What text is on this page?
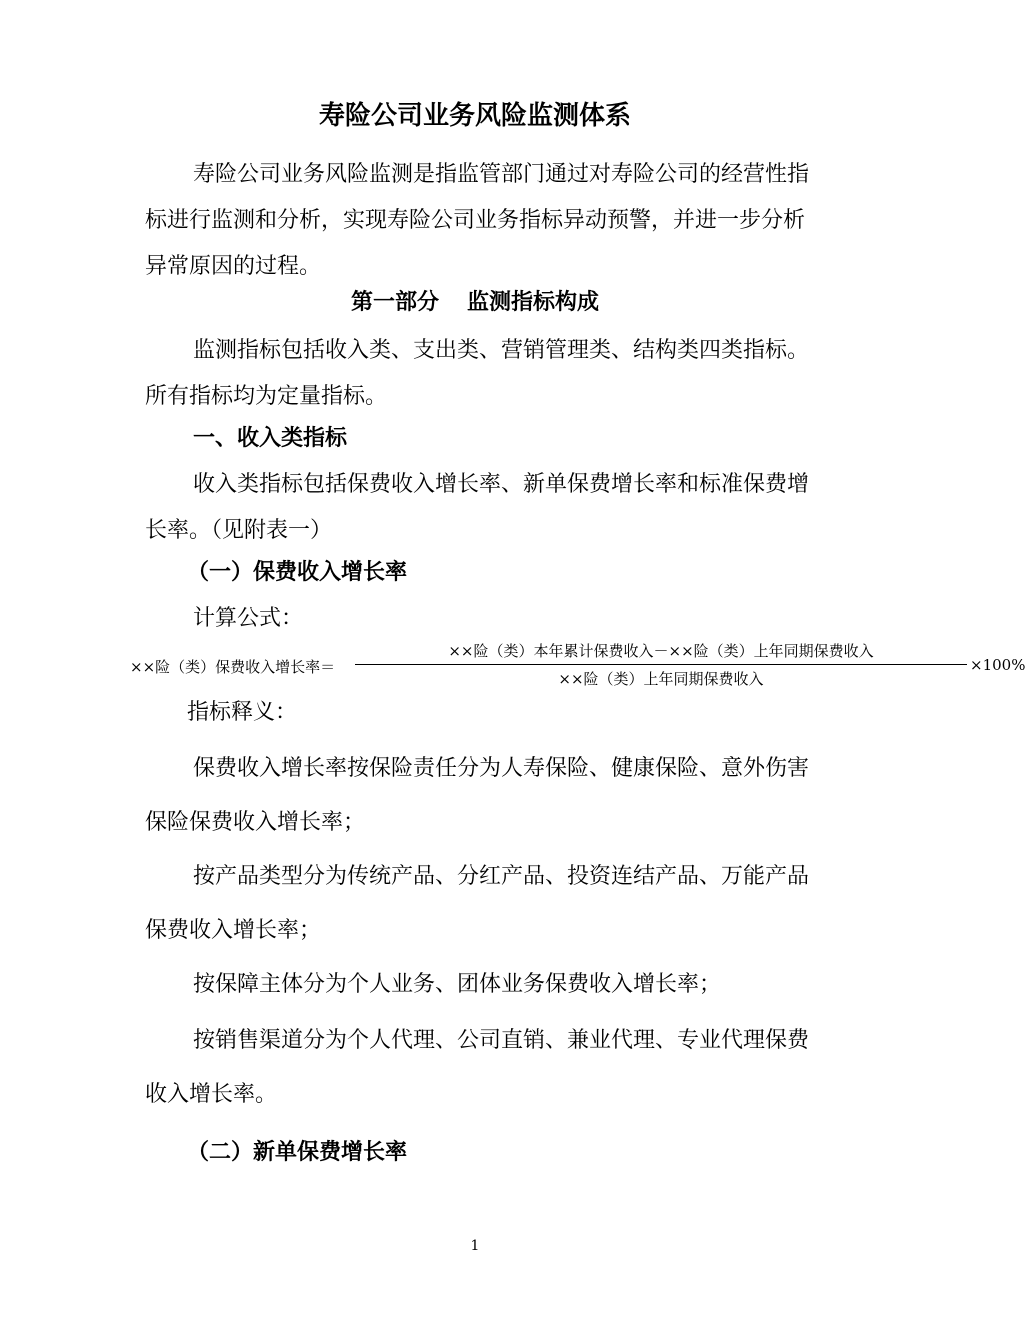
寿险公司业务风险监测体系

寿险公司业务风险监测是指监管部门通过对寿险公司的经营性指标进行监测和分析，实现寿险公司业务指标异动预警，并进一步分析异常原因的过程。

第一部分 监测指标构成

监测指标包括收入类、支出类、营销管理类、结构类四类指标。所有指标均为定量指标。

一、收入类指标

收入类指标包括保费收入增长率、新单保费增长率和标准保费增长率。（见附表一）

（一）保费收入增长率
计算公式：
××险（类）保费收入增长率＝
××险（类）本年累计保费收入－××险（类）上年同期保费收入
××险（类）上年同期保费收入
×100%
指标释义：

保费收入增长率按保险责任分为人寿保险、健康保险、意外伤害保险保费收入增长率；

按产品类型分为传统产品、分红产品、投资连结产品、万能产品保费收入增长率；

按保障主体分为个人业务、团体业务保费收入增长率；

按销售渠道分为个人代理、公司直销、兼业代理、专业代理保费收入增长率。

（二）新单保费增长率
1
